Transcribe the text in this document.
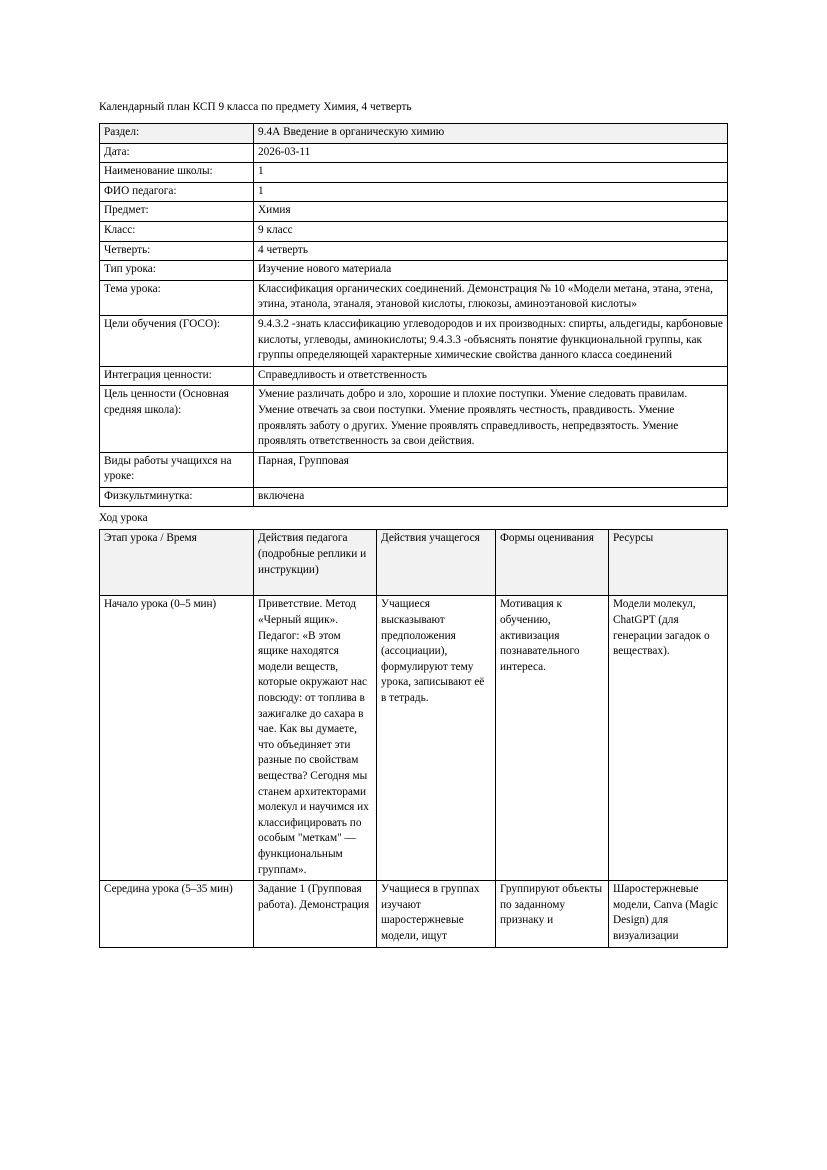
Календарный план КСП 9 класса по предмету Химия, 4 четверть
Раздел:	9.4А Введение в органическую химию
Дата:	2026-03-11
Наименование школы:	1
ФИО педагога:	1
Предмет:	Химия
Класс:	9 класс
Четверть:	4 четверть
Тип урока:	Изучение нового материала
Тема урока:	Классификация органических соединений. Демонстрация № 10 «Модели метана, этана, этена, этина, этанола, этаналя, этановой кислоты, глюкозы, аминоэтановой кислоты»
Цели обучения (ГОСО):	9.4.3.2 -знать классификацию углеводородов и их производных: спирты, альдегиды, карбоновые кислоты, углеводы, аминокислоты; 9.4.3.3 -объяснять понятие функциональной группы, как группы определяющей характерные химические свойства данного класса соединений
Интеграция ценности:	Справедливость и ответственность
Цель ценности (Основная средняя школа):	Умение различать добро и зло, хорошие и плохие поступки. Умение следовать правилам. Умение отвечать за свои поступки. Умение проявлять честность, правдивость. Умение проявлять заботу о других. Умение проявлять справедливость, непредвзятость. Умение проявлять ответственность за свои действия.
Виды работы учащихся на уроке:	Парная, Групповая
Физкультминутка:	включена
Ход урока
Этап урока / Время	Действия педагога (подробные реплики и инструкции)	Действия учащегося	Формы оценивания	Ресурсы
Начало урока (0–5 мин)	Приветствие. Метод «Черный ящик». Педагог: «В этом ящике находятся модели веществ, которые окружают нас повсюду: от топлива в зажигалке до сахара в чае. Как вы думаете, что объединяет эти разные по свойствам вещества? Сегодня мы станем архитекторами молекул и научимся их классифицировать по особым "меткам" — функциональным группам».	Учащиеся высказывают предположения (ассоциации), формулируют тему урока, записывают её в тетрадь.	Мотивация к обучению, активизация познавательного интереса.	Модели молекул, ChatGPT (для генерации загадок о веществах).
Середина урока (5–35 мин)	Задание 1 (Групповая работа). Демонстрация	Учащиеся в группах изучают шаростержневые модели, ищут	Группируют объекты по заданному признаку и	Шаростержневые модели, Canva (Magic Design) для визуализации
